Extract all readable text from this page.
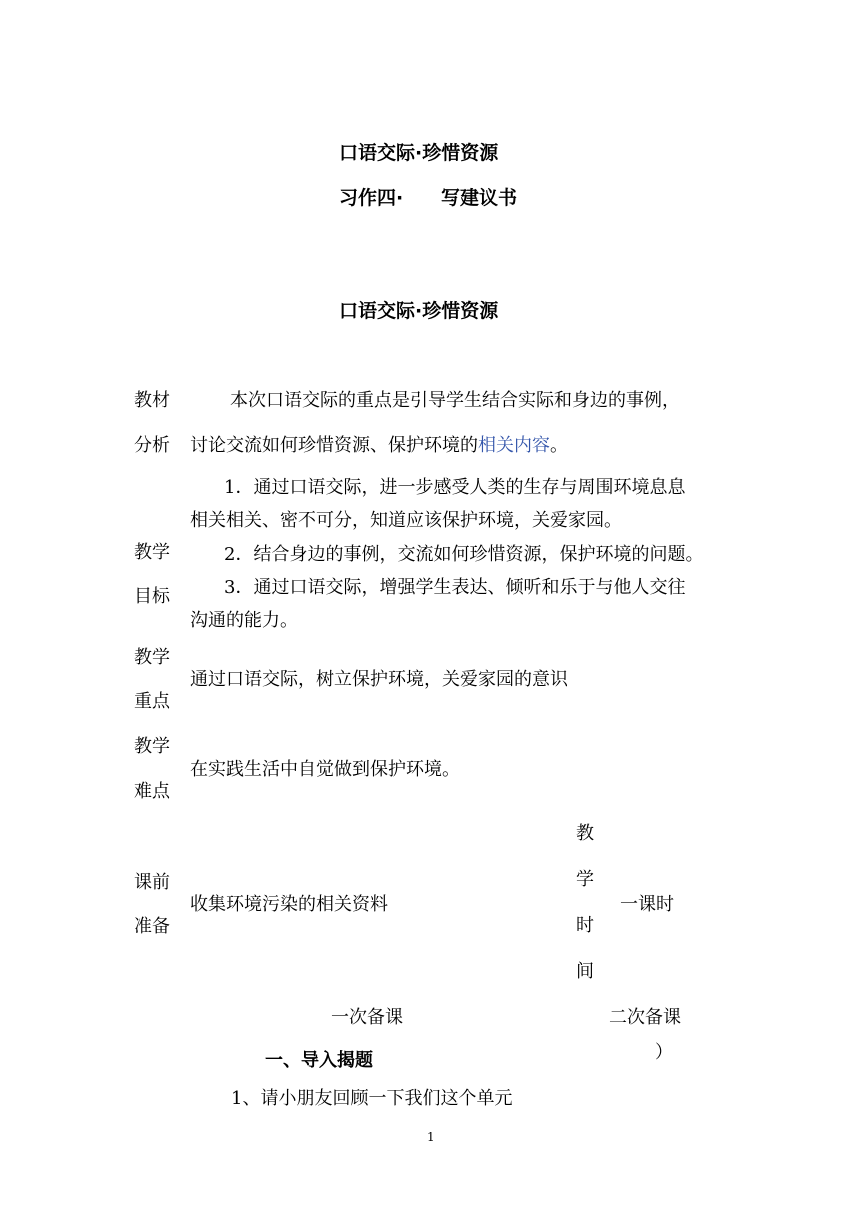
口语交际·珍惜资源
习作四· 写建议书
口语交际·珍惜资源
教材
分析
本次口语交际的重点是引导学生结合实际和身边的事例，
讨论交流如何珍惜资源、保护环境的相关内容。
1．通过口语交际，进一步感受人类的生存与周围环境息息
相关相关、密不可分，知道应该保护环境，关爱家园。
教学	2．结合身边的事例，交流如何珍惜资源，保护环境的问题。
3．通过口语交际，增强学生表达、倾听和乐于与他人交往
目标
沟通的能力。
教学
通过口语交际，树立保护环境，关爱家园的意识
重点
教学
在实践生活中自觉做到保护环境。
难点
课前
收集环境污染的相关资料
准备
教
学
时
间
一课时
一次备课	二次备课
）
一、导入揭题
1、请小朋友回顾一下我们这个单元
1
